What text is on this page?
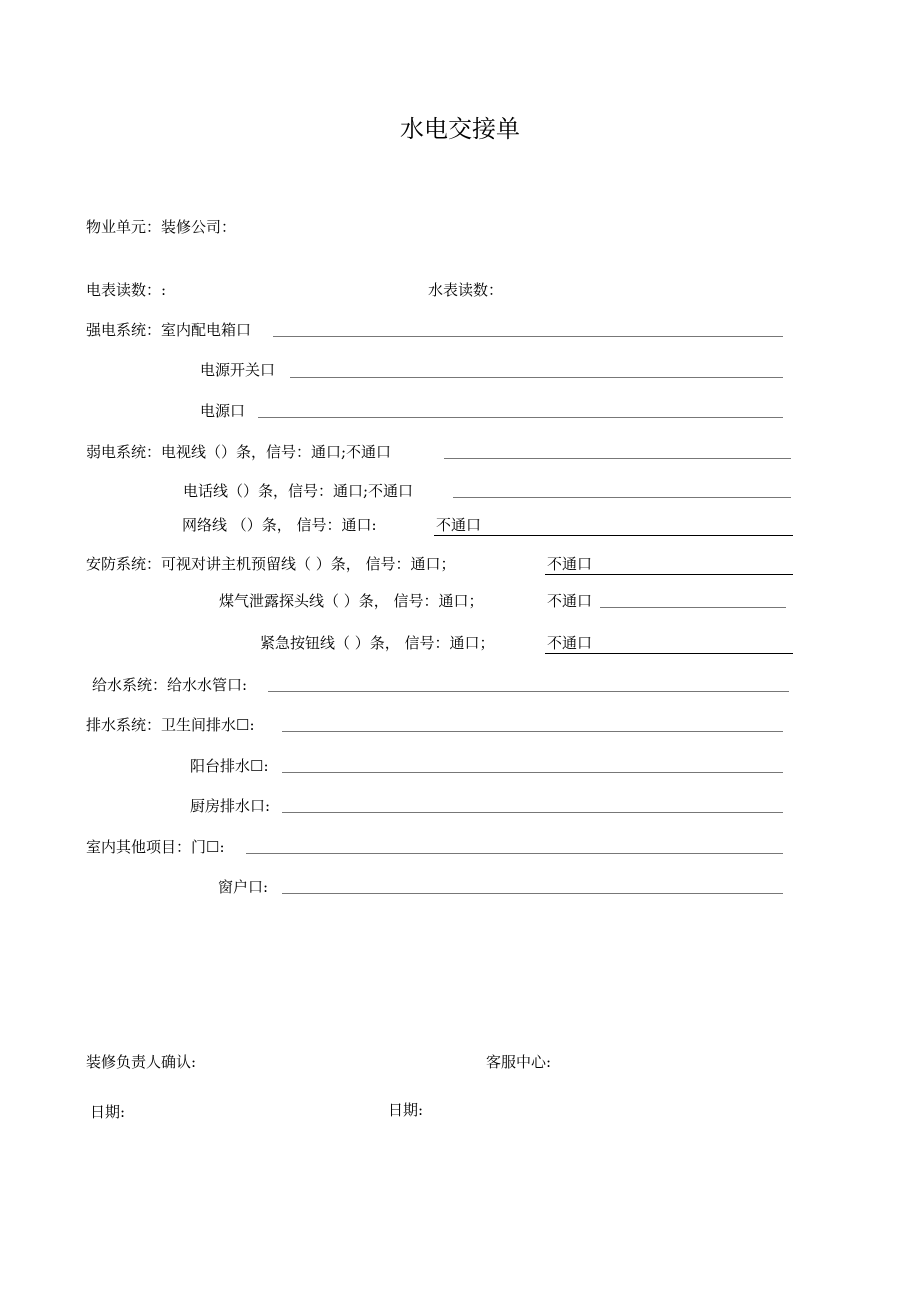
水电交接单
物业单元：装修公司：
电表读数：:	水表读数：
强电系统：室内配电箱口
电源开关口
电源口
弱电系统：电视线（）条，信号：通口;不通口
电话线（）条，信号：通口;不通口
网络线 （）条， 信号：通口:	不通口
安防系统：可视对讲主机预留线（ ）条， 信号：通口；	不通口
煤气泄露探头线（ ）条， 信号：通口；	不通口
紧急按钮线（ ）条， 信号：通口；	不通口
给水系统：给水水管口:
排水系统：卫生间排水☐:
阳台排水☐:
厨房排水口:
室内其他项目：门☐:
窗户口:
装修负责人确认:	客服中心:
日期:	日期:
